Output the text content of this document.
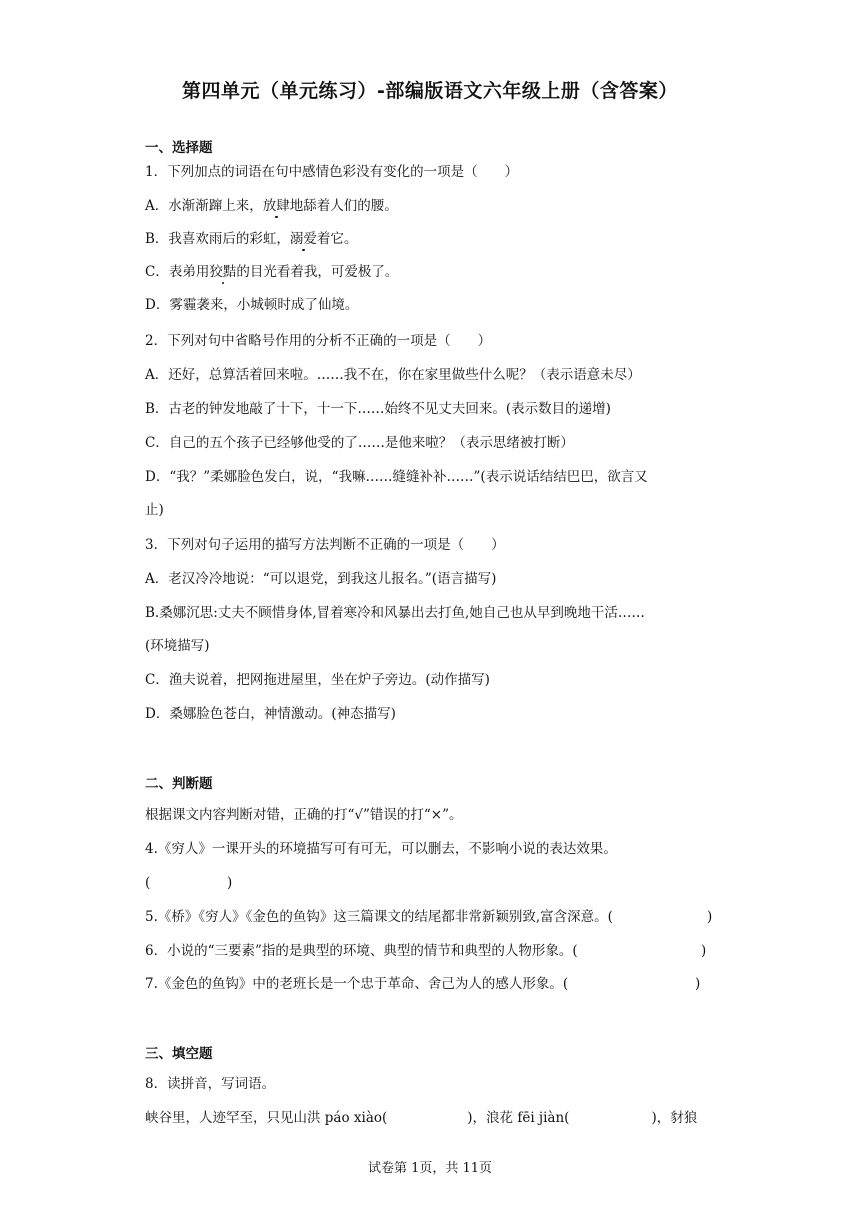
第四单元（单元练习）-部编版语文六年级上册（含答案）
一、选择题
1．下列加点的词语在句中感情色彩没有变化的一项是（　　）
A．水渐渐蹿上来，放肆地舔着人们的腰。
B．我喜欢雨后的彩虹，溺爱着它。
C．表弟用狡黠的目光看着我，可爱极了。
D．雾霾袭来，小城顿时成了仙境。
2．下列对句中省略号作用的分析不正确的一项是（　　）
A．还好，总算活着回来啦。……我不在，你在家里做些什么呢？（表示语意未尽）
B．古老的钟发地敲了十下，十一下……始终不见丈夫回来。(表示数目的递增)
C．自己的五个孩子已经够他受的了……是他来啦？（表示思绪被打断）
D．“我？”柔娜脸色发白，说，“我嘛……缝缝补补……”(表示说话结结巴巴，欲言又
止)
3．下列对句子运用的描写方法判断不正确的一项是（　　）
A．老汉冷冷地说：“可以退党，到我这儿报名。”(语言描写)
B.桑娜沉思:丈夫不顾惜身体,冒着寒冷和风暴出去打鱼,她自己也从早到晚地干活……
(环境描写)
C．渔夫说着，把网拖进屋里，坐在炉子旁边。(动作描写)
D．桑娜脸色苍白，神情激动。(神态描写)
二、判断题
根据课文内容判断对错，正确的打“√”错误的打“×”。
4.《穷人》一课开头的环境描写可有可无，可以删去，不影响小说的表达效果。
(	)
5.《桥》《穷人》《金色的鱼钩》这三篇课文的结尾都非常新颖别致,富含深意。(	)
6．小说的“三要素”指的是典型的环境、典型的情节和典型的人物形象。(	)
7.《金色的鱼钩》中的老班长是一个忠于革命、舍己为人的感人形象。(	)
三、填空题
8．读拼音，写词语。
峡谷里，人迹罕至，只见山洪 páo xiào(	)，浪花 fēi jiàn(	)，豺狼
试卷第 1页，共 11页
